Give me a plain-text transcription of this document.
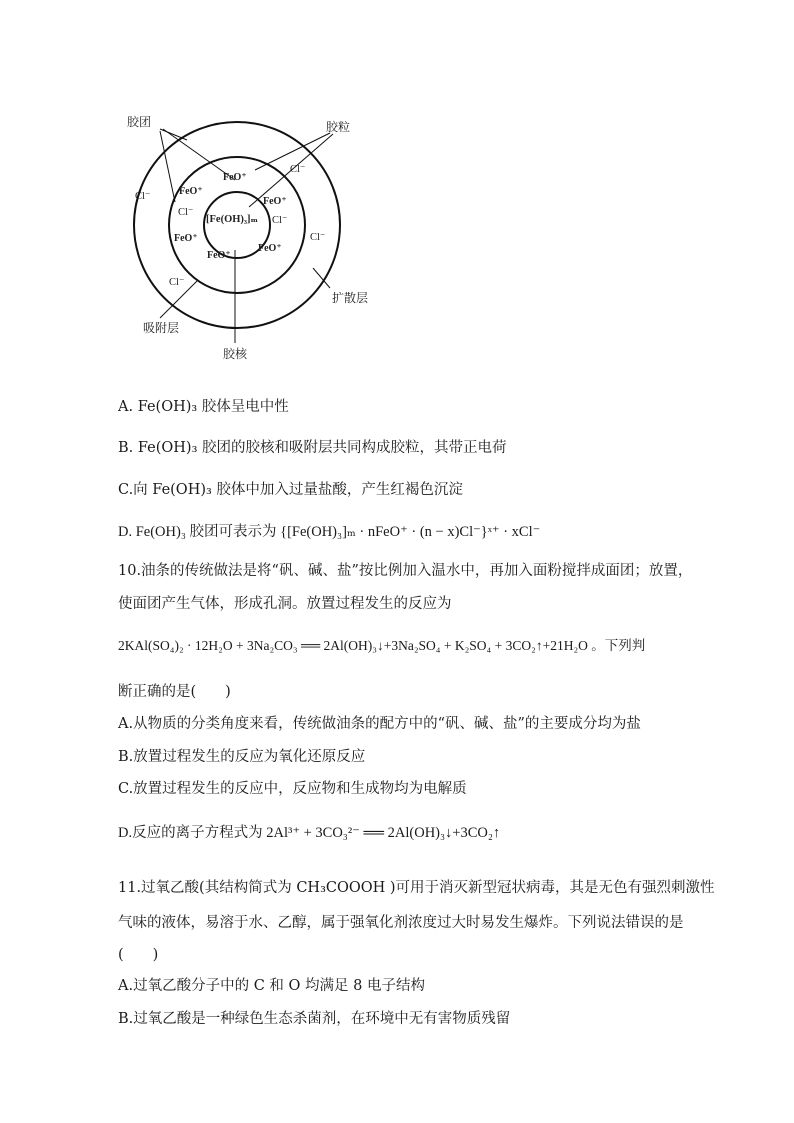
胶团	胶粒
扩散层
吸附层
胶核
[Fe(OH)₃]ₘ
FeO⁺
FeO⁺
FeO⁺
FeO⁺
FeO⁺
FeO⁺
Cl⁻
Cl⁻
Cl⁻
Cl⁻
Cl⁻
Cl⁻
A. Fe(OH)₃ 胶体呈电中性
B. Fe(OH)₃ 胶团的胶核和吸附层共同构成胶粒，其带正电荷
C.向 Fe(OH)₃ 胶体中加入过量盐酸，产生红褐色沉淀
D. Fe(OH)₃ 胶团可表示为 {[Fe(OH)₃]ₘ · nFeO⁺ · (n − x)Cl⁻}ˣ⁺ · xCl⁻
10.油条的传统做法是将“矾、碱、盐”按比例加入温水中，再加入面粉搅拌成面团；放置，
使面团产生气体，形成孔洞。放置过程发生的反应为
2KAl(SO₄)₂ · 12H₂O + 3Na₂CO₃ ══ 2Al(OH)₃↓+3Na₂SO₄ + K₂SO₄ + 3CO₂↑+21H₂O 。下列判
断正确的是(　　)
A.从物质的分类角度来看，传统做油条的配方中的“矾、碱、盐”的主要成分均为盐
B.放置过程发生的反应为氧化还原反应
C.放置过程发生的反应中，反应物和生成物均为电解质
D.反应的离子方程式为 2Al³⁺ + 3CO₃²⁻ ══ 2Al(OH)₃↓+3CO₂↑
11.过氧乙酸(其结构简式为 CH₃COOOH )可用于消灭新型冠状病毒，其是无色有强烈刺激性
气味的液体，易溶于水、乙醇，属于强氧化剂浓度过大时易发生爆炸。下列说法错误的是
(　　)
A.过氧乙酸分子中的 C 和 O 均满足 8 电子结构
B.过氧乙酸是一种绿色生态杀菌剂，在环境中无有害物质残留
